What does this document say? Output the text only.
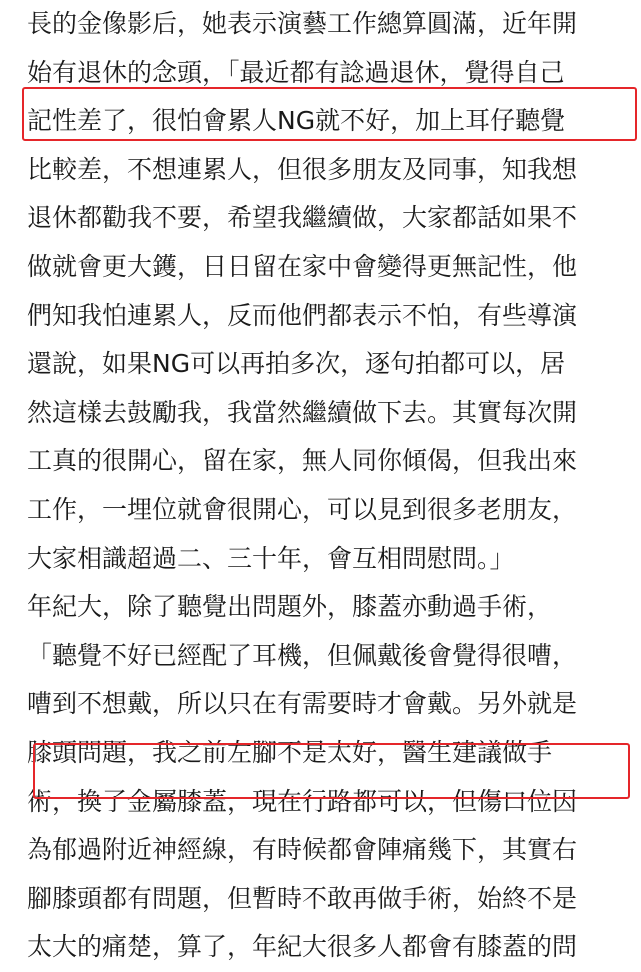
長的金像影后，她表示演藝工作總算圓滿，近年開
始有退休的念頭，「最近都有諗過退休，覺得自己
記性差了，很怕會累人NG就不好，加上耳仔聽覺
比較差，不想連累人，但很多朋友及同事，知我想
退休都勸我不要，希望我繼續做，大家都話如果不
做就會更大鑊，日日留在家中會變得更無記性，他
們知我怕連累人，反而他們都表示不怕，有些導演
還說，如果NG可以再拍多次，逐句拍都可以，居
然這樣去鼓勵我，我當然繼續做下去。其實每次開
工真的很開心，留在家，無人同你傾偈，但我出來
工作，一埋位就會很開心，可以見到很多老朋友，
大家相識超過二、三十年，會互相問慰問。」
年紀大，除了聽覺出問題外，膝蓋亦動過手術，
「聽覺不好已經配了耳機，但佩戴後會覺得很嘈，
嘈到不想戴，所以只在有需要時才會戴。另外就是
膝頭問題，我之前左腳不是太好，醫生建議做手
術，換了金屬膝蓋，現在行路都可以，但傷口位因
為郁過附近神經線，有時候都會陣痛幾下，其實右
腳膝頭都有問題，但暫時不敢再做手術，始終不是
太大的痛楚，算了，年紀大很多人都會有膝蓋的問
